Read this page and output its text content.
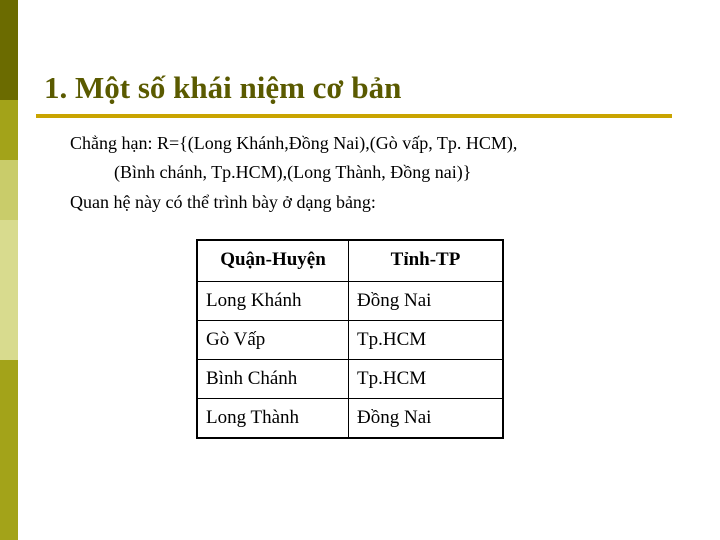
1. Một số khái niệm cơ bản
Chẳng hạn: R={(Long Khánh,Đồng Nai),(Gò vấp, Tp. HCM),
(Bình chánh, Tp.HCM),(Long Thành, Đồng nai)}
Quan hệ này có thể trình bày ở dạng bảng:
Quận-Huyện	Tỉnh-TP
Long Khánh	Đồng Nai
Gò Vấp	Tp.HCM
Bình Chánh	Tp.HCM
Long Thành	Đồng Nai
